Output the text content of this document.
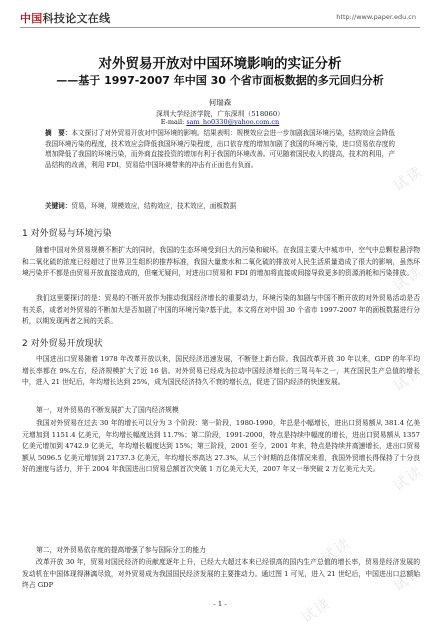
中国科技论文在线	http://www.paper.edu.cn
试读
试读
试读
试读
试读
试读
试读
试读
对外贸易开放对中国环境影响的实证分析
——基于 1997-2007 年中国 30 个省市面板数据的多元回归分析
何瑞森
深圳大学经济学院，广东深圳（518060）
E-mail: sam_ho0330@yahoo.com.cn
摘　要：本文探讨了对外贸易开放对中国环境的影响。结果表明：规模效应会进一步加剧我国环境污染，结构效应会降低我国环境污染的程度，技术效应会降低我国环境污染程度，出口依存度的增加加剧了我国的环境污染，进口贸易依存度的增加降低了我国的环境污染，而外商直接投资的增加有利于我国的环境改善。可见随着国民收入的提高，技术的利用，产品结构的改善，利用 FDI，贸易给中国环境带来的冲击有正面也有负面。
关键词：贸易，环境，规模效应，结构效应，技术效应，面板数据
1 对外贸易与环境污染
随着中国对外贸易规模不断扩大的同时，我国的生态环境受到日大的污染和破坏。在我国主要大中城市中，空气中总颗粒悬浮物和二氧化硫的浓度已经超过了世界卫生组织的推荐标准，我国大量废水和二氧化硫的排放对人民生活质量造成了很大的影响，虽然环境污染并不都是由贸易开放直接造成的，但毫无疑问，对进出口贸易和 FDI 的增加将直接或间接导致更多的资源消耗和污染排放。
我们这里要探讨的是：贸易的不断开放作为推动我国经济增长的重要动力，环境污染的加剧与中国不断开放的对外贸易活动是否有关系，或者对外贸易的不断加大是否加剧了中国的环境污染?基于此，本文将在对中国 30 个省市 1997-2007 年的面板数据进行分析，以期发现两者之间的关系。
2 对外贸易开放现状
中国进出口贸易随着 1978 年改革开放以来，国民经济迅速发展，不断登上新台阶。我国改革开放 30 年以来，GDP 的年平均增长率都在 9%左右，经济规模扩大了近 16 倍。对外贸易已经成为拉动中国经济增长的三驾马车之一，其在国民生产总值的增长中，进入 21 世纪后，年均增长达到 25%，成为国民经济持久不衰的增长点，促进了国内经济的快速发展。
第一，对外贸易的不断发展扩大了国内经济规模
我国对外贸易在过去 30 年的增长可以分为 3 个阶段：第一阶段，1980-1990，年总是小幅增长，进出口贸易额从 381.4 亿美元增加到 1151.4 亿美元，年均增长幅度达到 11.7%；第二阶段，1991-2000，特点是持续中幅度的增长，进出口贸易额从 1357 亿美元增加到 4742.9 亿美元，年均增长幅度达到 15%；第三阶段，2001 至今，2001 年来，特点是持续并高速增长，进出口贸易额从 5096.5 亿美元增加到 21737.3 亿美元，年均增长率高达 27.3%，从三个时期的总体情况来看，我国外贸增长得保持了十分良好的速度与活力，并于 2004 年我国进出口贸易总额首次突破 1 万亿美元大关，2007 年又一举突破 2 万亿美元大关。
第二，对外贸易依存度的提高增强了参与国际分工的能力
改革开放 30 年，贸易对国民经济的贡献度逐年上升，已经大大超过本来已经很高的国内生产总值的增长率，贸易是经济发展的发动机在中国体现得淋漓尽致，对外贸易成为我国国民经济发展的主要推动力。通过图 1 可见，进入 21 世纪后，中国进出口总额始终占 GDP
- 1 -
